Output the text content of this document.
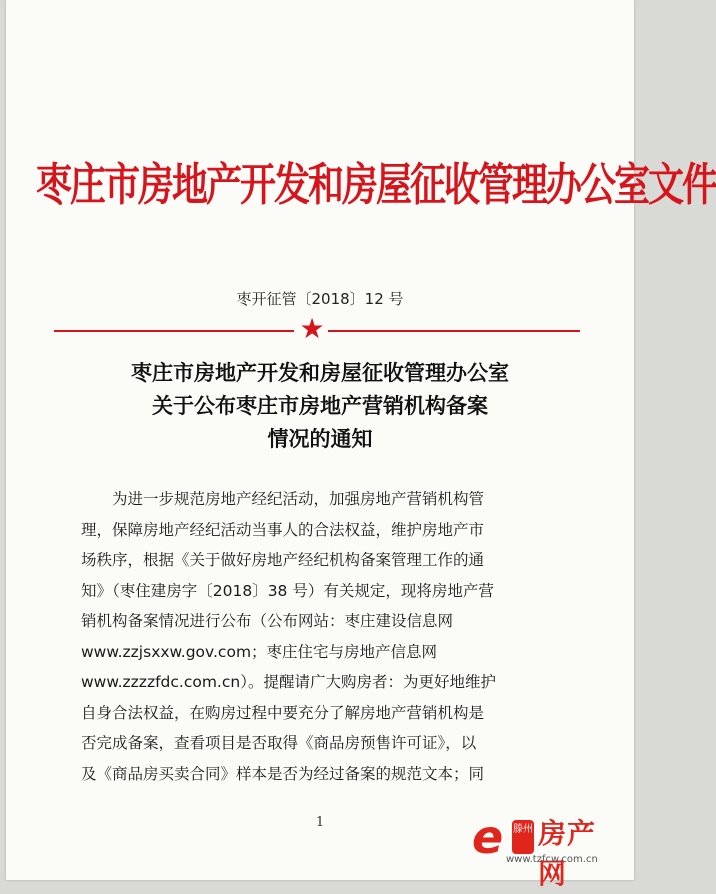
枣庄市房地产开发和房屋征收管理办公室文件
枣开征管〔2018〕12 号
★
枣庄市房地产开发和房屋征收管理办公室
关于公布枣庄市房地产营销机构备案
情况的通知
　　为进一步规范房地产经纪活动，加强房地产营销机构管
理，保障房地产经纪活动当事人的合法权益，维护房地产市
场秩序，根据《关于做好房地产经纪机构备案管理工作的通
知》（枣住建房字〔2018〕38 号）有关规定，现将房地产营
销机构备案情况进行公布（公布网站：枣庄建设信息网
www.zzjsxxw.gov.com；枣庄住宅与房地产信息网
www.zzzzfdc.com.cn）。提醒请广大购房者：为更好地维护
自身合法权益，在购房过程中要充分了解房地产营销机构是
否完成备案，查看项目是否取得《商品房预售许可证》，以
及《商品房买卖合同》样本是否为经过备案的规范文本；同
1	e 滕州 房产网
www.tzfcw.com.cn
